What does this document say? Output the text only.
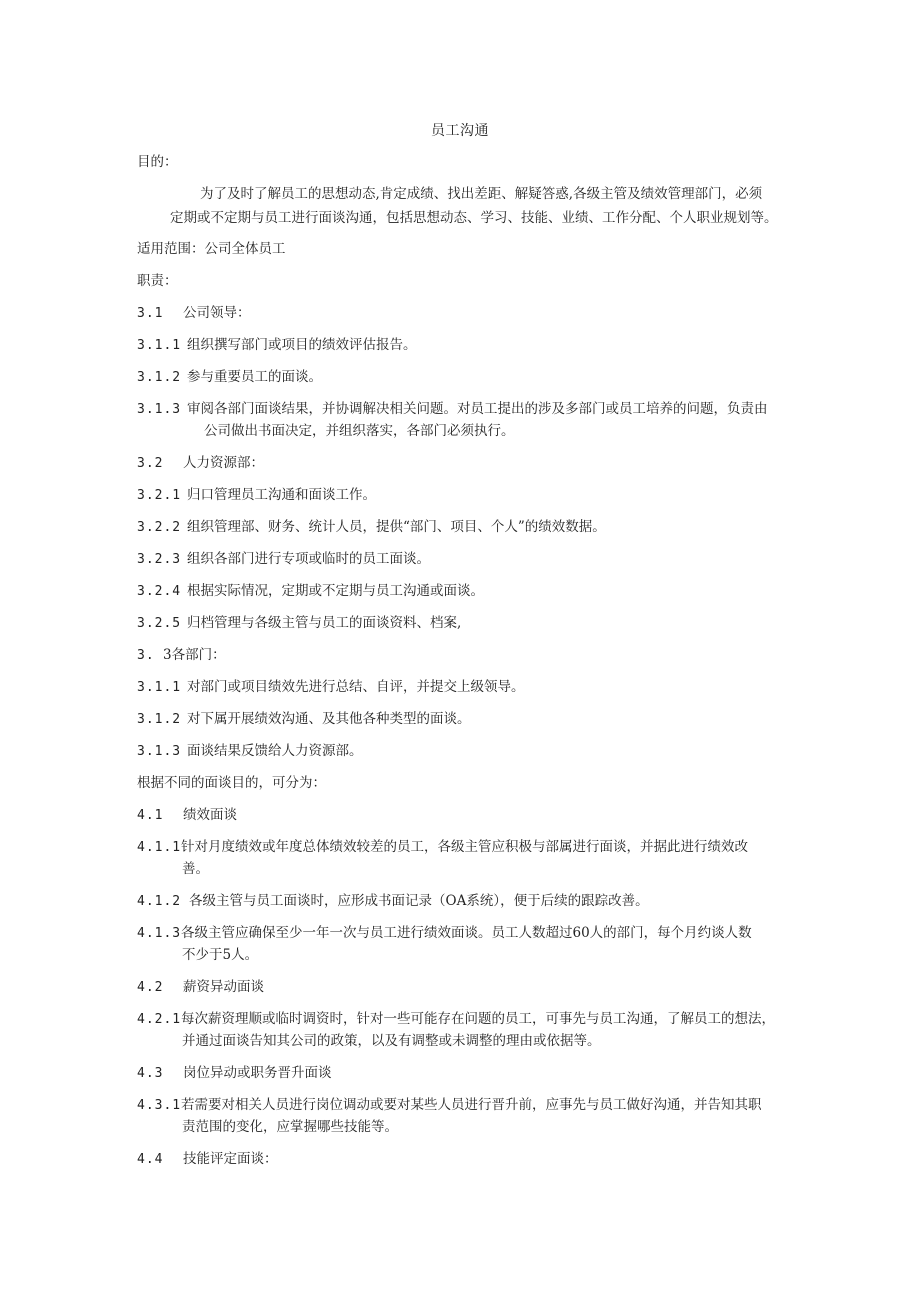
员工沟通
目的：
为了及时了解员工的思想动态,肯定成绩、找出差距、解疑答惑,各级主管及绩效管理部门，必须
定期或不定期与员工进行面谈沟通，包括思想动态、学习、技能、业绩、工作分配、个人职业规划等。
适用范围：公司全体员工
职责：
3.1 公司领导：
3.1.1 组织撰写部门或项目的绩效评估报告。
3.1.2 参与重要员工的面谈。
3.1.3 审阅各部门面谈结果，并协调解决相关问题。对员工提出的涉及多部门或员工培养的问题，负责由
公司做出书面决定，并组织落实，各部门必须执行。
3.2 人力资源部：
3.2.1 归口管理员工沟通和面谈工作。
3.2.2 组织管理部、财务、统计人员，提供“部门、项目、个人”的绩效数据。
3.2.3 组织各部门进行专项或临时的员工面谈。
3.2.4 根据实际情况，定期或不定期与员工沟通或面谈。
3.2.5 归档管理与各级主管与员工的面谈资料、档案,
3. 3各部门：
3.1.1 对部门或项目绩效先进行总结、自评，并提交上级领导。
3.1.2 对下属开展绩效沟通、及其他各种类型的面谈。
3.1.3 面谈结果反馈给人力资源部。
根据不同的面谈目的，可分为：
4.1 绩效面谈
4.1.1针对月度绩效或年度总体绩效较差的员工，各级主管应积极与部属进行面谈，并据此进行绩效改
善。
4.1.2 各级主管与员工面谈时，应形成书面记录（OA系统），便于后续的跟踪改善。
4.1.3各级主管应确保至少一年一次与员工进行绩效面谈。员工人数超过60人的部门，每个月约谈人数
不少于5人。
4.2 薪资异动面谈
4.2.1每次薪资理顺或临时调资时，针对一些可能存在问题的员工，可事先与员工沟通，了解员工的想法，
并通过面谈告知其公司的政策，以及有调整或未调整的理由或依据等。
4.3 岗位异动或职务晋升面谈
4.3.1若需要对相关人员进行岗位调动或要对某些人员进行晋升前，应事先与员工做好沟通，并告知其职
责范围的变化，应掌握哪些技能等。
4.4 技能评定面谈：
